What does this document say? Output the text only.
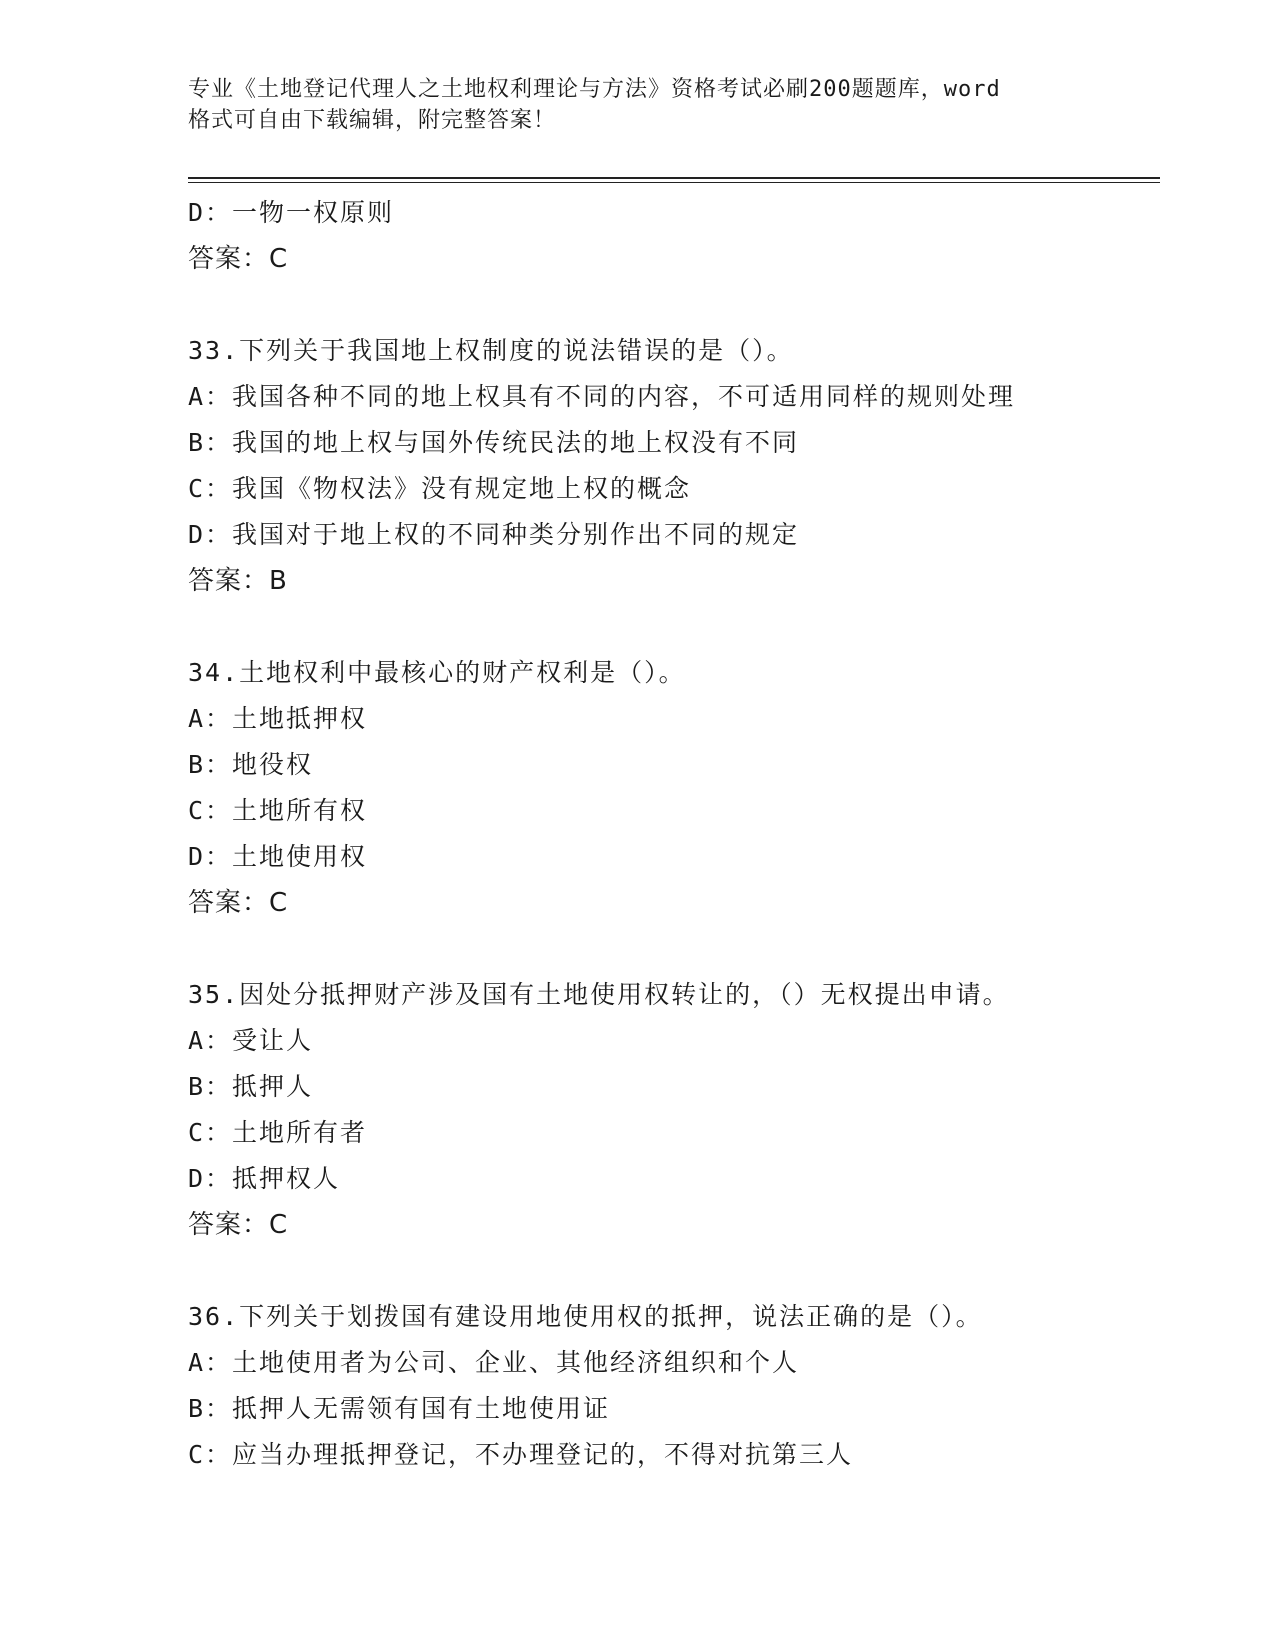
专业《土地登记代理人之土地权利理论与方法》资格考试必刷200题题库，word
格式可自由下载编辑，附完整答案！
D：一物一权原则
答案：C
33.下列关于我国地上权制度的说法错误的是（）。
A：我国各种不同的地上权具有不同的内容，不可适用同样的规则处理
B：我国的地上权与国外传统民法的地上权没有不同
C：我国《物权法》没有规定地上权的概念
D：我国对于地上权的不同种类分别作出不同的规定
答案：B
34.土地权利中最核心的财产权利是（）。
A：土地抵押权
B：地役权
C：土地所有权
D：土地使用权
答案：C
35.因处分抵押财产涉及国有土地使用权转让的，（）无权提出申请。
A：受让人
B：抵押人
C：土地所有者
D：抵押权人
答案：C
36.下列关于划拨国有建设用地使用权的抵押，说法正确的是（）。
A：土地使用者为公司、企业、其他经济组织和个人
B：抵押人无需领有国有土地使用证
C：应当办理抵押登记，不办理登记的，不得对抗第三人
